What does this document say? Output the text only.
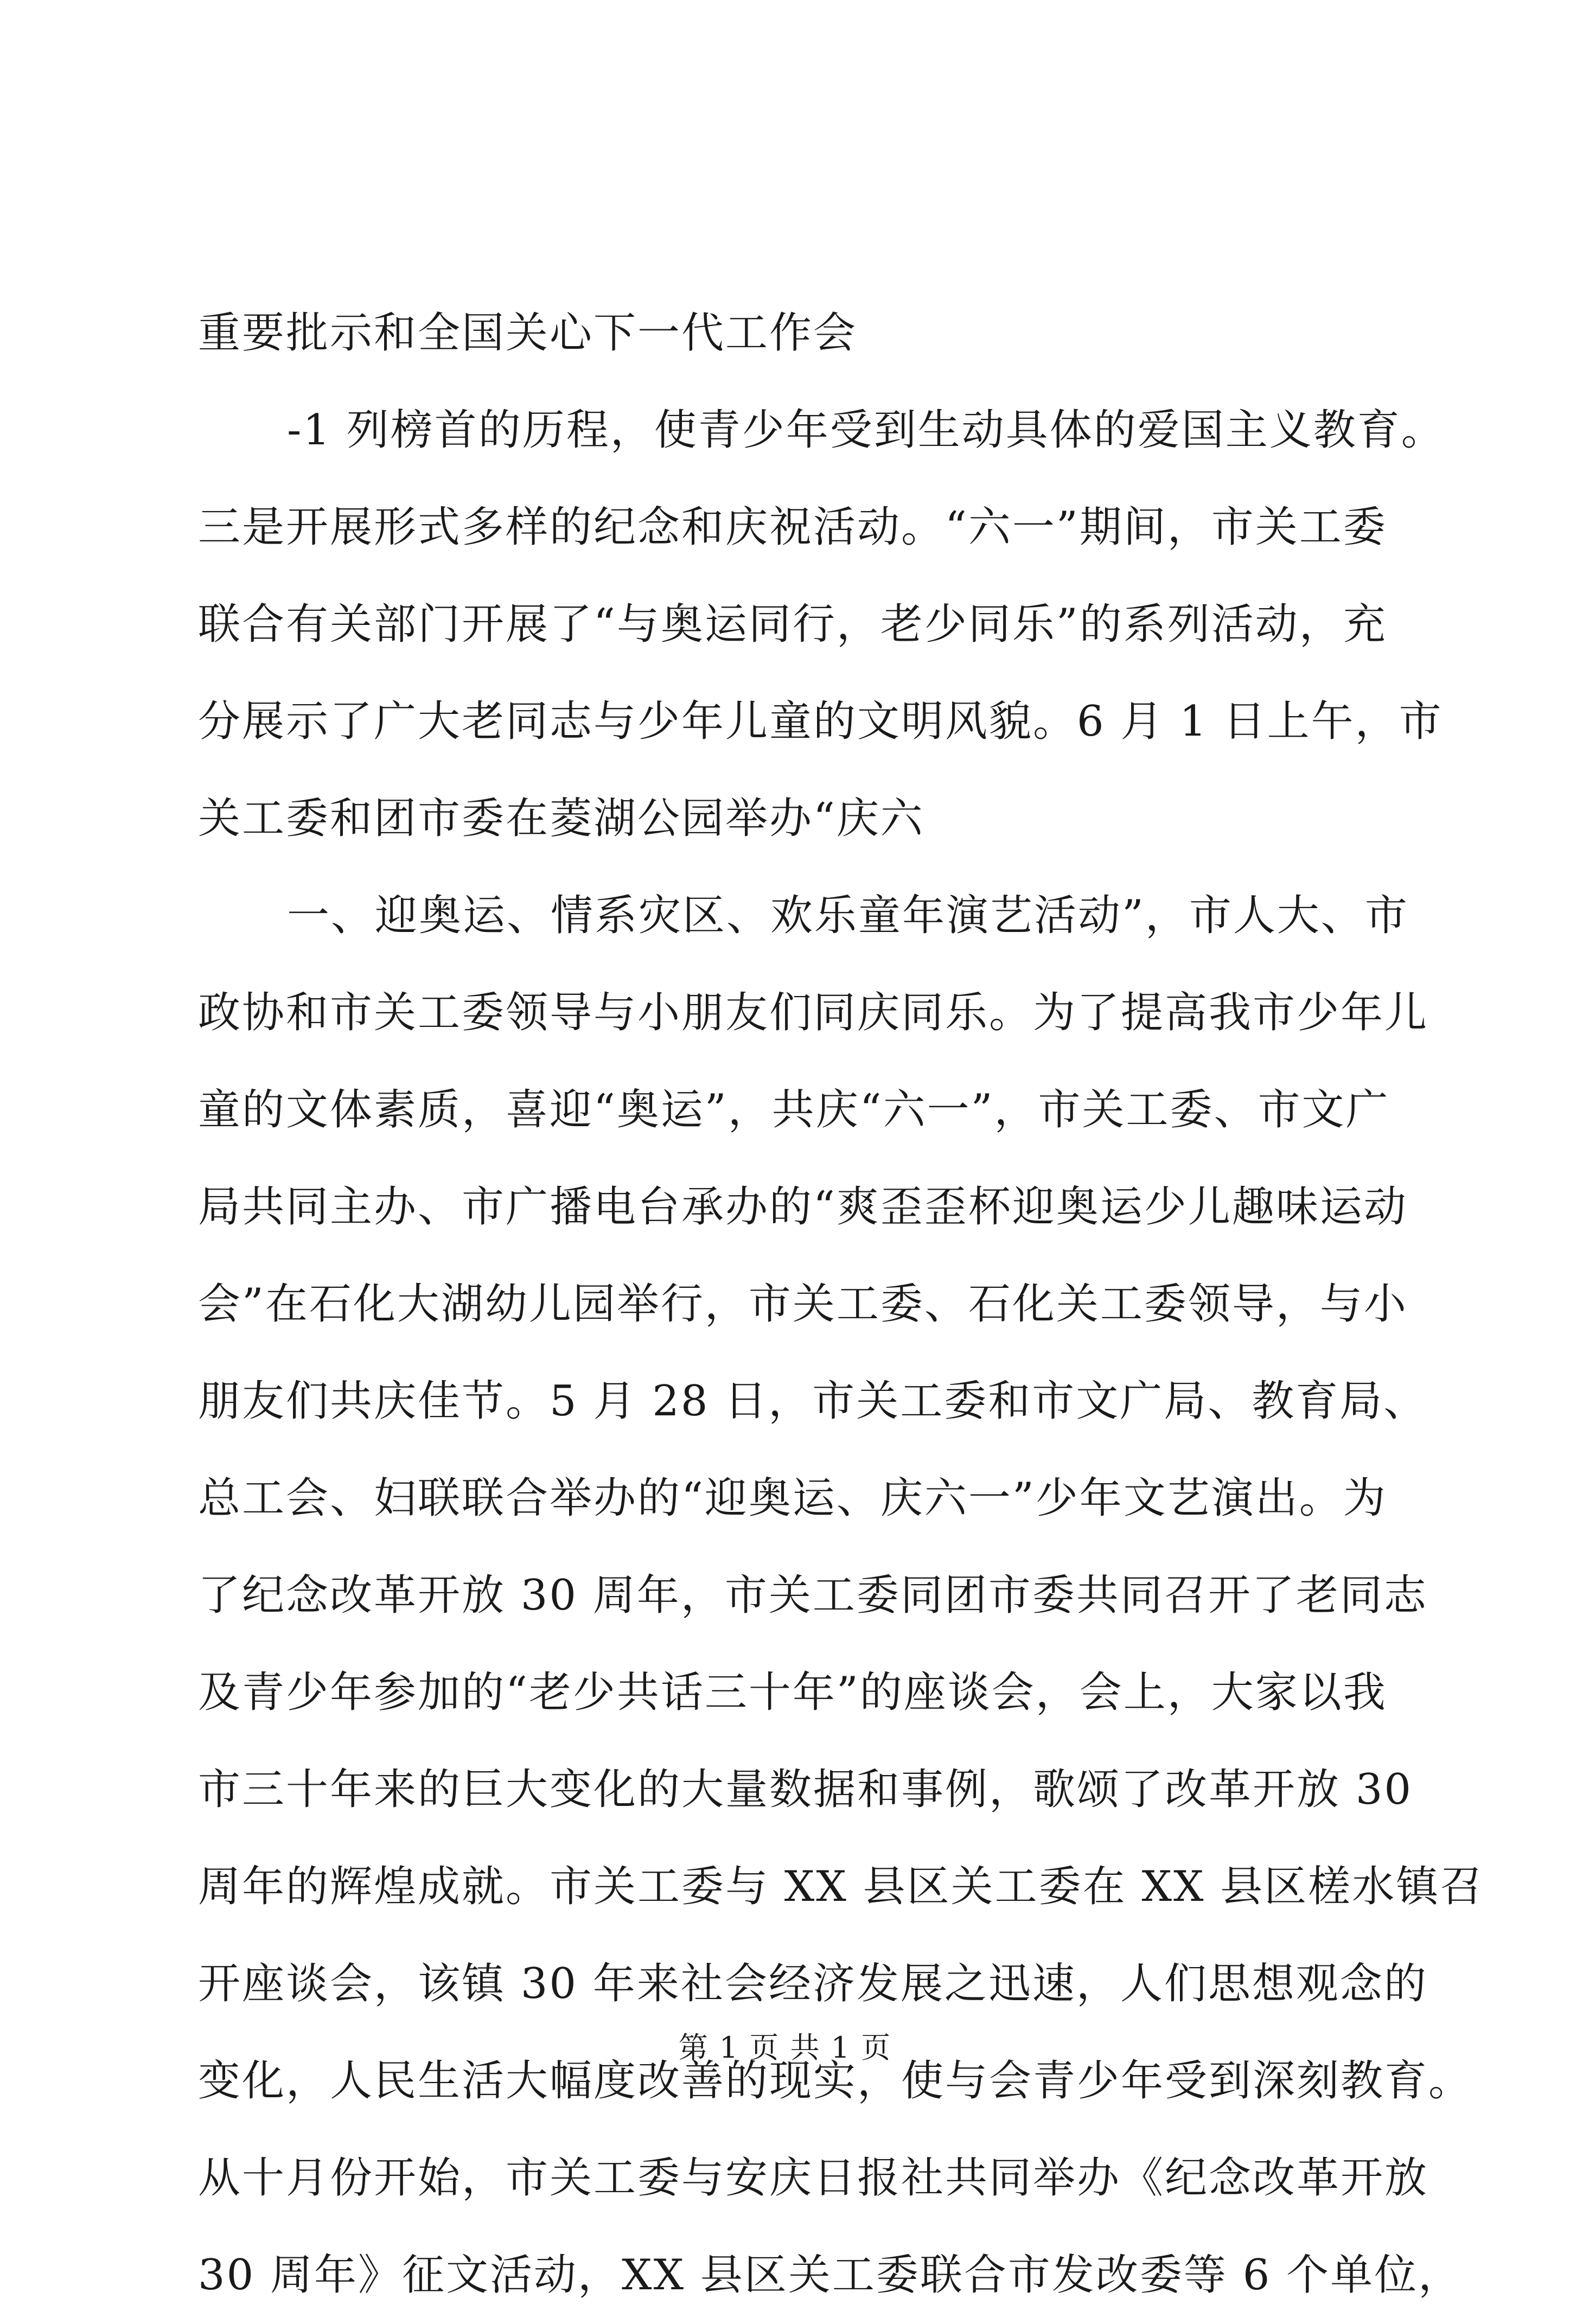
重要批示和全国关心下一代工作会
-1 列榜首的历程，使青少年受到生动具体的爱国主义教育。
三是开展形式多样的纪念和庆祝活动。“六一”期间，市关工委
联合有关部门开展了“与奥运同行，老少同乐”的系列活动，充
分展示了广大老同志与少年儿童的文明风貌。6 月 1 日上午，市
关工委和团市委在菱湖公园举办“庆六
一、迎奥运、情系灾区、欢乐童年演艺活动”，市人大、市
政协和市关工委领导与小朋友们同庆同乐。为了提高我市少年儿
童的文体素质，喜迎“奥运”，共庆“六一”，市关工委、市文广
局共同主办、市广播电台承办的“爽歪歪杯迎奥运少儿趣味运动
会”在石化大湖幼儿园举行，市关工委、石化关工委领导，与小
朋友们共庆佳节。5 月 28 日，市关工委和市文广局、教育局、
总工会、妇联联合举办的“迎奥运、庆六一”少年文艺演出。为
了纪念改革开放 30 周年，市关工委同团市委共同召开了老同志
及青少年参加的“老少共话三十年”的座谈会，会上，大家以我
市三十年来的巨大变化的大量数据和事例，歌颂了改革开放 30
周年的辉煌成就。市关工委与 XX 县区关工委在 XX 县区槎水镇召
开座谈会，该镇 30 年来社会经济发展之迅速，人们思想观念的
变化，人民生活大幅度改善的现实，使与会青少年受到深刻教育。
从十月份开始，市关工委与安庆日报社共同举办《纪念改革开放
30 周年》征文活动，XX 县区关工委联合市发改委等 6 个单位，
第 1 页 共 1 页
